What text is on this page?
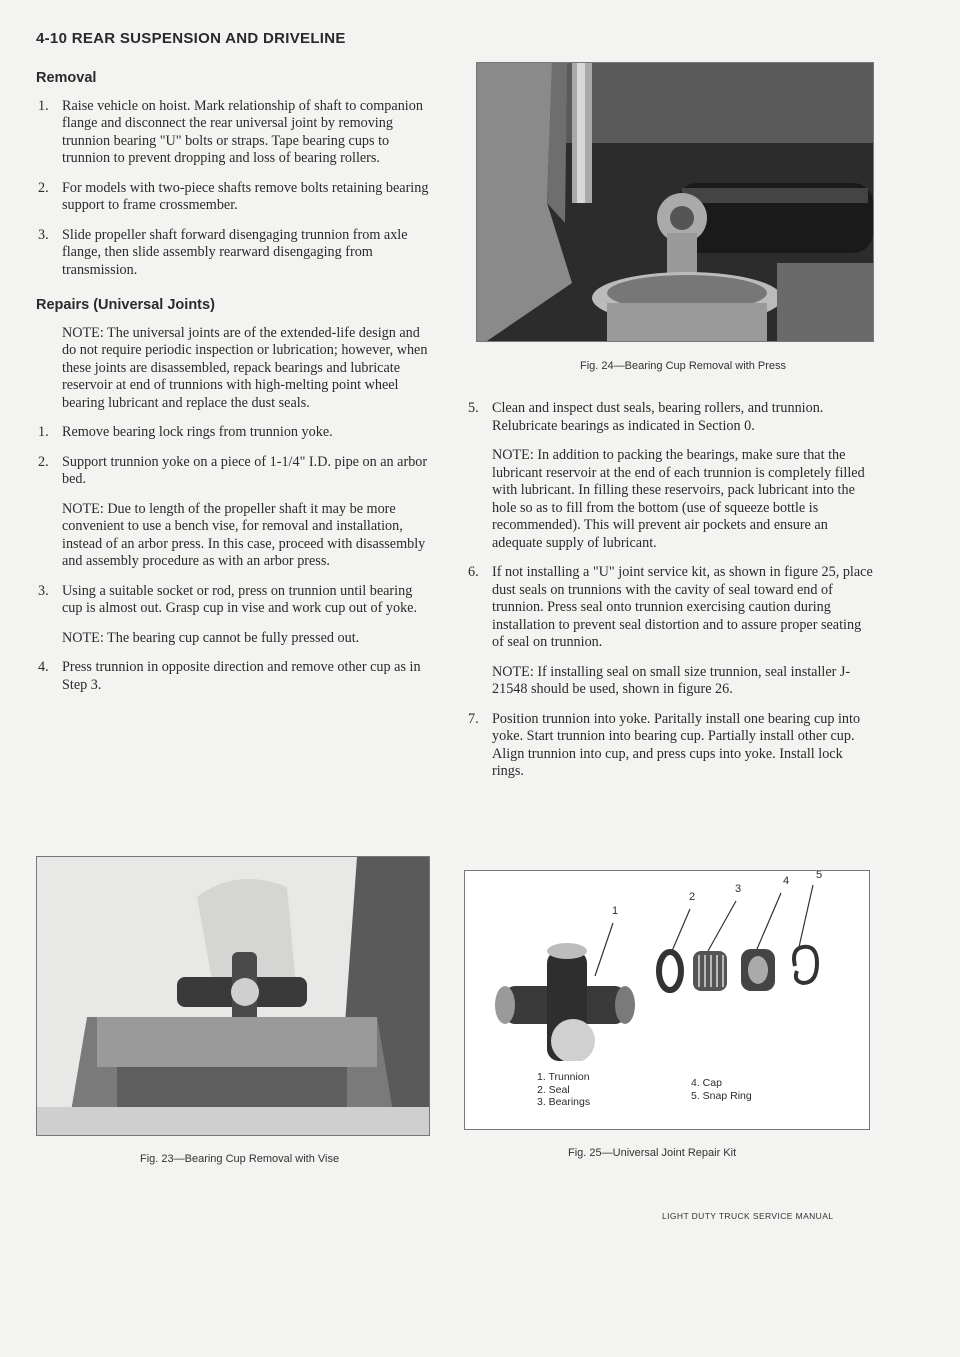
4-10 REAR SUSPENSION AND DRIVELINE
Removal
1. Raise vehicle on hoist. Mark relationship of shaft to companion flange and disconnect the rear universal joint by removing trunnion bearing "U" bolts or straps. Tape bearing cups to trunnion to prevent dropping and loss of bearing rollers.
2. For models with two-piece shafts remove bolts retaining bearing support to frame crossmember.
3. Slide propeller shaft forward disengaging trunnion from axle flange, then slide assembly rearward disengaging from transmission.
Repairs (Universal Joints)
NOTE: The universal joints are of the extended-life design and do not require periodic inspection or lubrication; however, when these joints are disassembled, repack bearings and lubricate reservoir at end of trunnions with high-melting point wheel bearing lubricant and replace the dust seals.
1. Remove bearing lock rings from trunnion yoke.
2. Support trunnion yoke on a piece of 1-1/4" I.D. pipe on an arbor bed.
NOTE: Due to length of the propeller shaft it may be more convenient to use a bench vise, for removal and installation, instead of an arbor press. In this case, proceed with disassembly and assembly procedure as with an arbor press.
3. Using a suitable socket or rod, press on trunnion until bearing cup is almost out. Grasp cup in vise and work cup out of yoke.
NOTE: The bearing cup cannot be fully pressed out.
4. Press trunnion in opposite direction and remove other cup as in Step 3.
Fig. 24—Bearing Cup Removal with Press
5. Clean and inspect dust seals, bearing rollers, and trunnion. Relubricate bearings as indicated in Section 0.
NOTE: In addition to packing the bearings, make sure that the lubricant reservoir at the end of each trunnion is completely filled with lubricant. In filling these reservoirs, pack lubricant into the hole so as to fill from the bottom (use of squeeze bottle is recommended). This will prevent air pockets and ensure an adequate supply of lubricant.
6. If not installing a "U" joint service kit, as shown in figure 25, place dust seals on trunnions with the cavity of seal toward end of trunnion. Press seal onto trunnion exercising caution during installation to prevent seal distortion and to assure proper seating of seal on trunnion.
NOTE: If installing seal on small size trunnion, seal installer J-21548 should be used, shown in figure 26.
7. Position trunnion into yoke. Paritally install one bearing cup into yoke. Start trunnion into bearing cup. Partially install other cup. Align trunnion into cup, and press cups into yoke. Install lock rings.
Fig. 23—Bearing Cup Removal with Vise
1
2
3
4 5
1. Trunnion
2. Seal
3. Bearings
4. Cap
5. Snap Ring
Fig. 25—Universal Joint Repair Kit
LIGHT DUTY TRUCK SERVICE MANUAL
